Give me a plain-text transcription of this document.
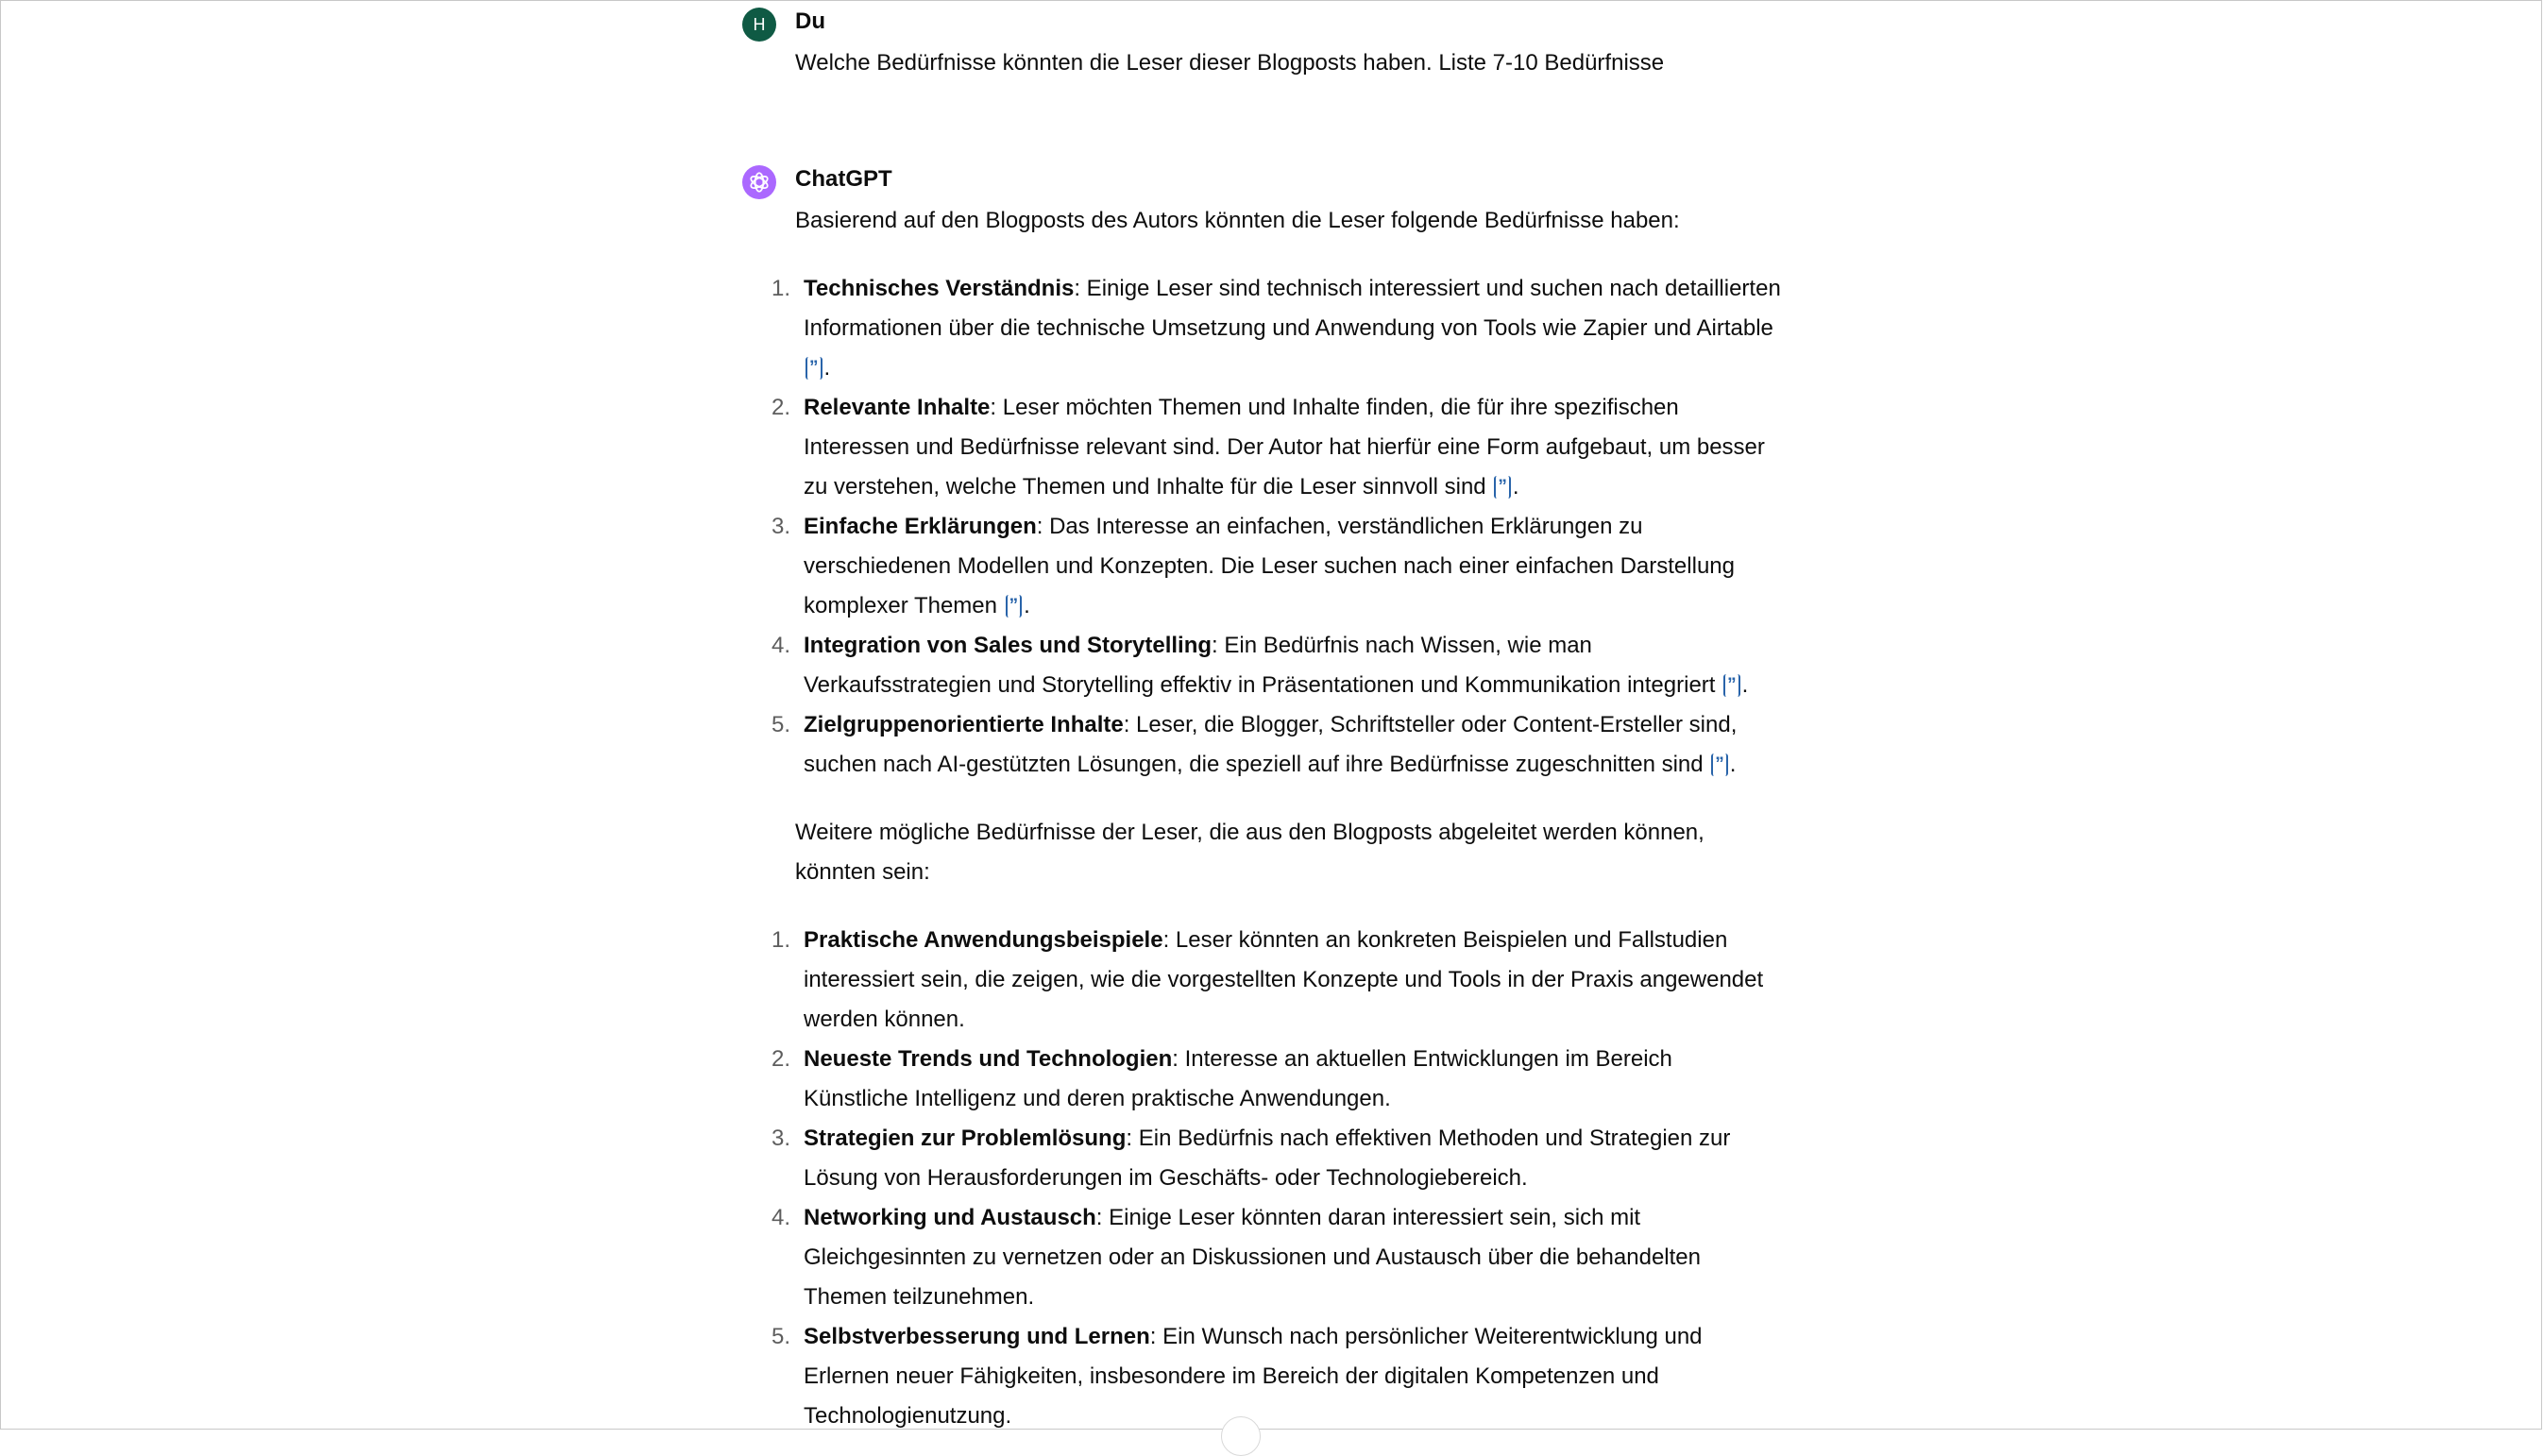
H Du
Welche Bedürfnisse könnten die Leser dieser Blogposts haben. Liste 7-10 Bedürfnisse
ChatGPT
Basierend auf den Blogposts des Autors könnten die Leser folgende Bedürfnisse haben:
1. Technisches Verständnis: Einige Leser sind technisch interessiert und suchen nach detaillierten Informationen über die technische Umsetzung und Anwendung von Tools wie Zapier und Airtable ” .
2. Relevante Inhalte: Leser möchten Themen und Inhalte finden, die für ihre spezifischen Interessen und Bedürfnisse relevant sind. Der Autor hat hierfür eine Form aufgebaut, um besser zu verstehen, welche Themen und Inhalte für die Leser sinnvoll sind ” .
3. Einfache Erklärungen: Das Interesse an einfachen, verständlichen Erklärungen zu verschiedenen Modellen und Konzepten. Die Leser suchen nach einer einfachen Darstellung komplexer Themen ” .
4. Integration von Sales und Storytelling: Ein Bedürfnis nach Wissen, wie man Verkaufsstrategien und Storytelling effektiv in Präsentationen und Kommunikation integriert ” .
5. Zielgruppenorientierte Inhalte: Leser, die Blogger, Schriftsteller oder Content-Ersteller sind, suchen nach AI-gestützten Lösungen, die speziell auf ihre Bedürfnisse zugeschnitten sind ” .
Weitere mögliche Bedürfnisse der Leser, die aus den Blogposts abgeleitet werden können, könnten sein:
1. Praktische Anwendungsbeispiele: Leser könnten an konkreten Beispielen und Fallstudien interessiert sein, die zeigen, wie die vorgestellten Konzepte und Tools in der Praxis angewendet werden können.
2. Neueste Trends und Technologien: Interesse an aktuellen Entwicklungen im Bereich Künstliche Intelligenz und deren praktische Anwendungen.
3. Strategien zur Problemlösung: Ein Bedürfnis nach effektiven Methoden und Strategien zur Lösung von Herausforderungen im Geschäfts- oder Technologiebereich.
4. Networking und Austausch: Einige Leser könnten daran interessiert sein, sich mit Gleichgesinnten zu vernetzen oder an Diskussionen und Austausch über die behandelten Themen teilzunehmen.
5. Selbstverbesserung und Lernen: Ein Wunsch nach persönlicher Weiterentwicklung und Erlernen neuer Fähigkeiten, insbesondere im Bereich der digitalen Kompetenzen und Technologienutzung.
